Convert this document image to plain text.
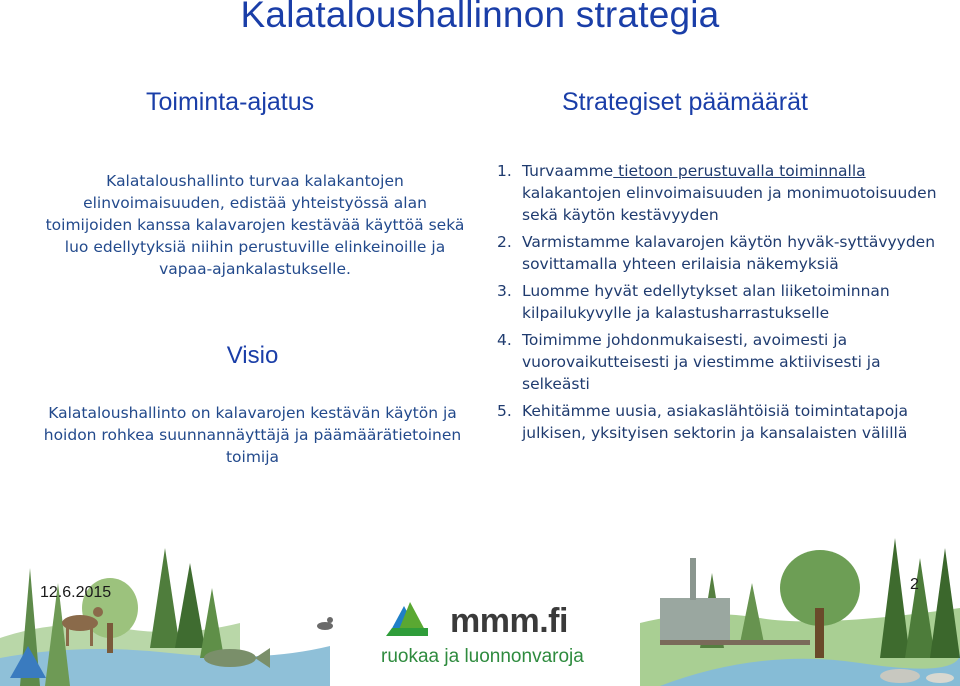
Kalataloushallinnon strategia
Toiminta-ajatus	Strategiset päämäärät

Kalataloushallinto turvaa kalakantojen elinvoimaisuuden, edistää yhteistyössä alan toimijoiden kanssa kalavarojen kestävää käyttöä sekä luo edellytyksiä niihin perustuville elinkeinoille ja vapaa-ajankalastukselle.

Visio

Kalataloushallinto on kalavarojen kestävän käytön ja hoidon rohkea suunnannäyttäjä ja päämäärätietoinen toimija

1. Turvaamme tietoon perustuvalla toiminnalla kalakantojen elinvoimaisuuden ja monimuotoisuuden sekä käytön kestävyyden
2. Varmistamme kalavarojen käytön hyväk-syttävyyden sovittamalla yhteen erilaisia näkemyksiä
3. Luomme hyvät edellytykset alan liiketoiminnan kilpailukyvylle ja kalastusharrastukselle
4. Toimimme johdonmukaisesti, avoimesti ja vuorovaikutteisesti ja viestimme aktiivisesti ja selkeästi
5. Kehitämme uusia, asiakaslähtöisiä toimintatapoja julkisen, yksityisen sektorin ja kansalaisten välillä
12.6.2015	2
mmm.fi
ruokaa ja luonnonvaroja
